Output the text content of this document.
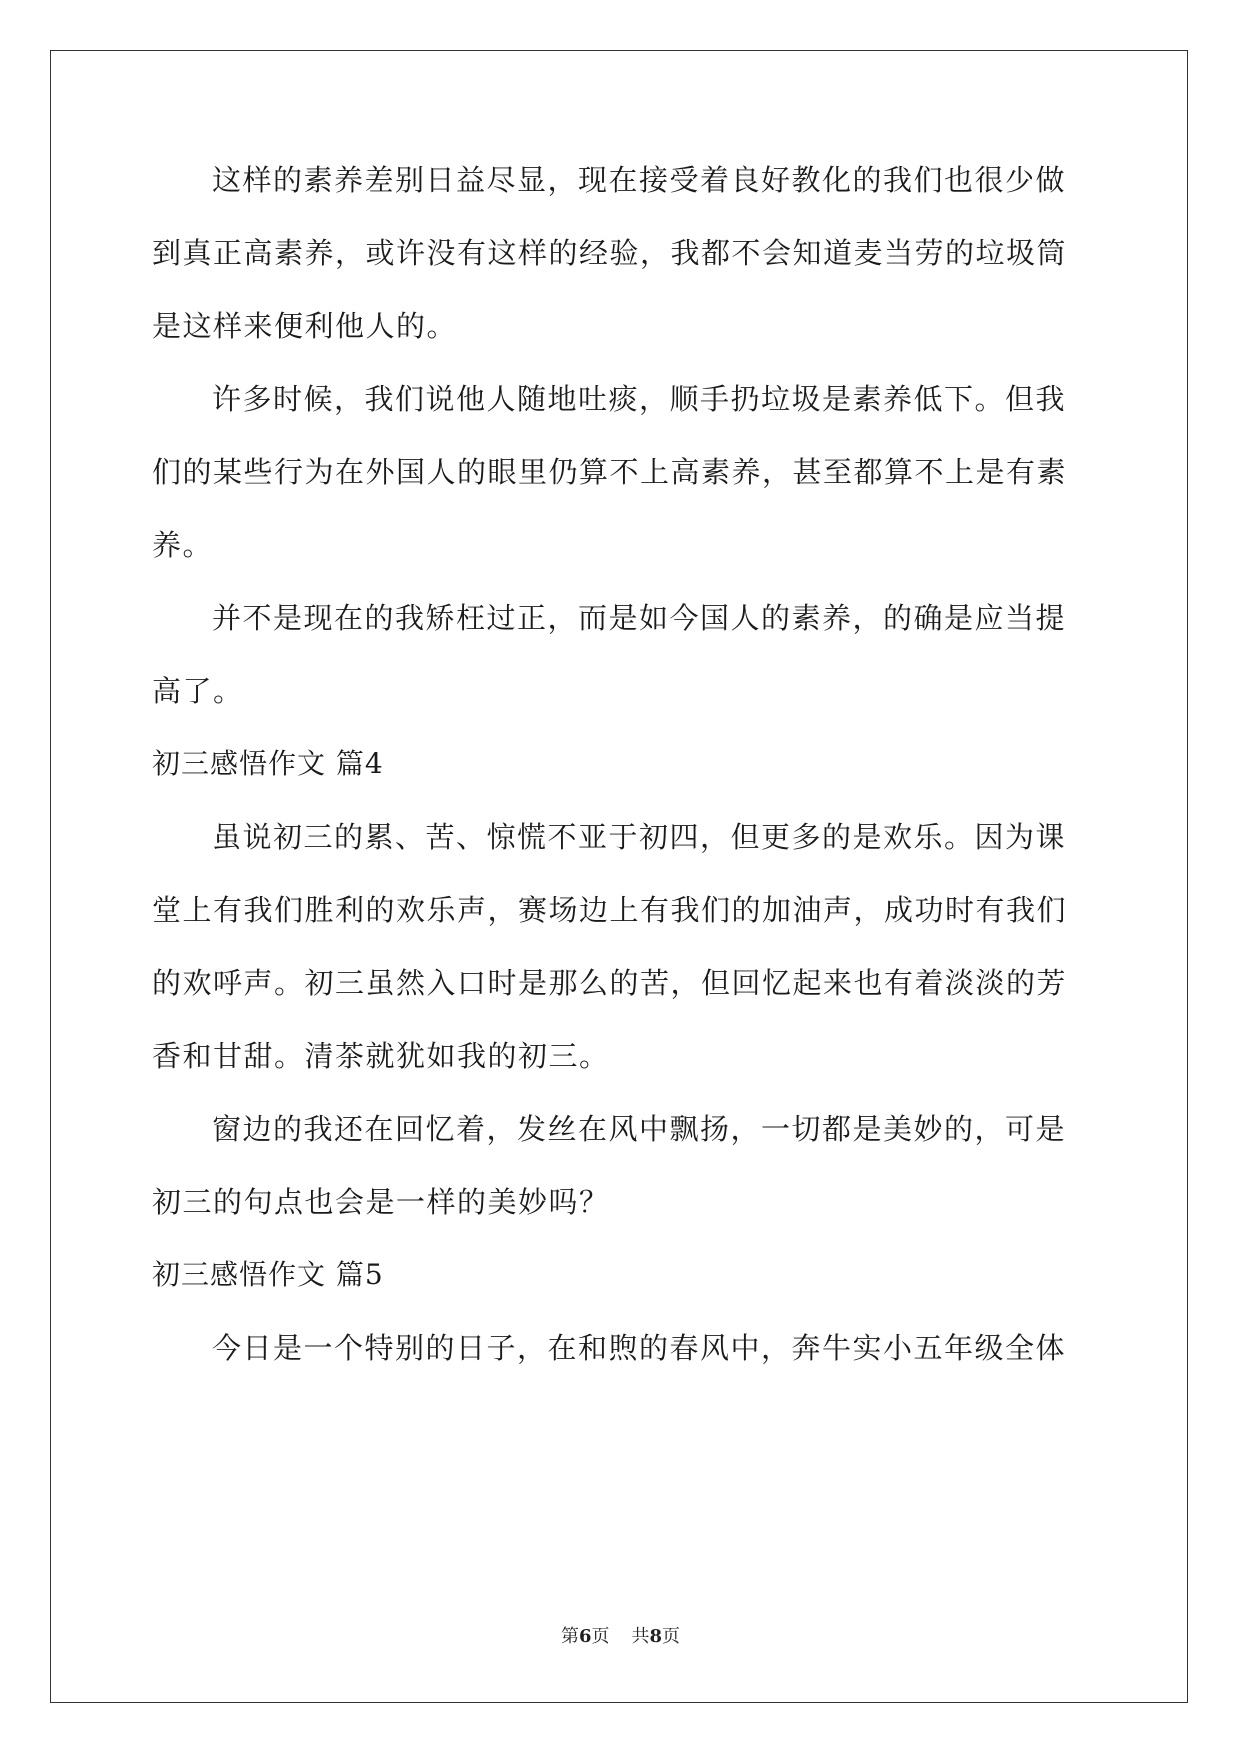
这样的素养差别日益尽显，现在接受着良好教化的我们也很少做
到真正高素养，或许没有这样的经验，我都不会知道麦当劳的垃圾筒
是这样来便利他人的。
许多时候，我们说他人随地吐痰，顺手扔垃圾是素养低下。但我
们的某些行为在外国人的眼里仍算不上高素养，甚至都算不上是有素
养。
并不是现在的我矫枉过正，而是如今国人的素养，的确是应当提
高了。
初三感悟作文 篇4
虽说初三的累、苦、惊慌不亚于初四，但更多的是欢乐。因为课
堂上有我们胜利的欢乐声，赛场边上有我们的加油声，成功时有我们
的欢呼声。初三虽然入口时是那么的苦，但回忆起来也有着淡淡的芳
香和甘甜。清茶就犹如我的初三。
窗边的我还在回忆着，发丝在风中飘扬，一切都是美妙的，可是
初三的句点也会是一样的美妙吗？
初三感悟作文 篇5
今日是一个特别的日子，在和煦的春风中，奔牛实小五年级全体
第6页 共8页
